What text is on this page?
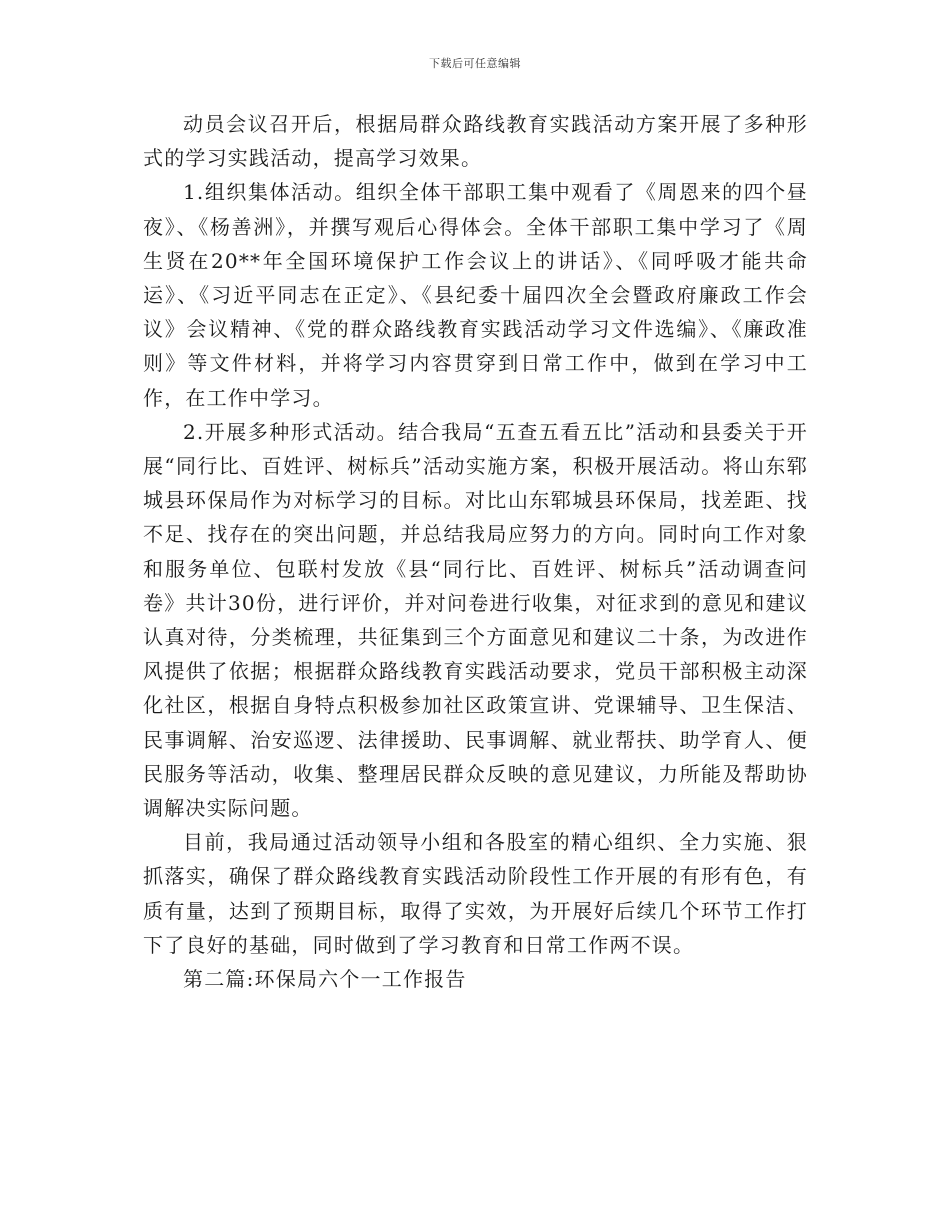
下载后可任意编辑

动员会议召开后，根据局群众路线教育实践活动方案开展了多种形式的学习实践活动，提高学习效果。

1.组织集体活动。组织全体干部职工集中观看了《周恩来的四个昼夜》、《杨善洲》，并撰写观后心得体会。全体干部职工集中学习了《周生贤在20**年全国环境保护工作会议上的讲话》、《同呼吸才能共命运》、《习近平同志在正定》、《县纪委十届四次全会暨政府廉政工作会议》会议精神、《党的群众路线教育实践活动学习文件选编》、《廉政准则》等文件材料，并将学习内容贯穿到日常工作中，做到在学习中工作，在工作中学习。

2.开展多种形式活动。结合我局“五查五看五比”活动和县委关于开展“同行比、百姓评、树标兵”活动实施方案，积极开展活动。将山东郓城县环保局作为对标学习的目标。对比山东郓城县环保局，找差距、找不足、找存在的突出问题，并总结我局应努力的方向。同时向工作对象和服务单位、包联村发放《县“同行比、百姓评、树标兵”活动调查问卷》共计30份，进行评价，并对问卷进行收集，对征求到的意见和建议认真对待，分类梳理，共征集到三个方面意见和建议二十条，为改进作风提供了依据；根据群众路线教育实践活动要求，党员干部积极主动深化社区，根据自身特点积极参加社区政策宣讲、党课辅导、卫生保洁、民事调解、治安巡逻、法律援助、民事调解、就业帮扶、助学育人、便民服务等活动，收集、整理居民群众反映的意见建议，力所能及帮助协调解决实际问题。

目前，我局通过活动领导小组和各股室的精心组织、全力实施、狠抓落实，确保了群众路线教育实践活动阶段性工作开展的有形有色，有质有量，达到了预期目标，取得了实效，为开展好后续几个环节工作打下了良好的基础，同时做到了学习教育和日常工作两不误。

第二篇:环保局六个一工作报告
